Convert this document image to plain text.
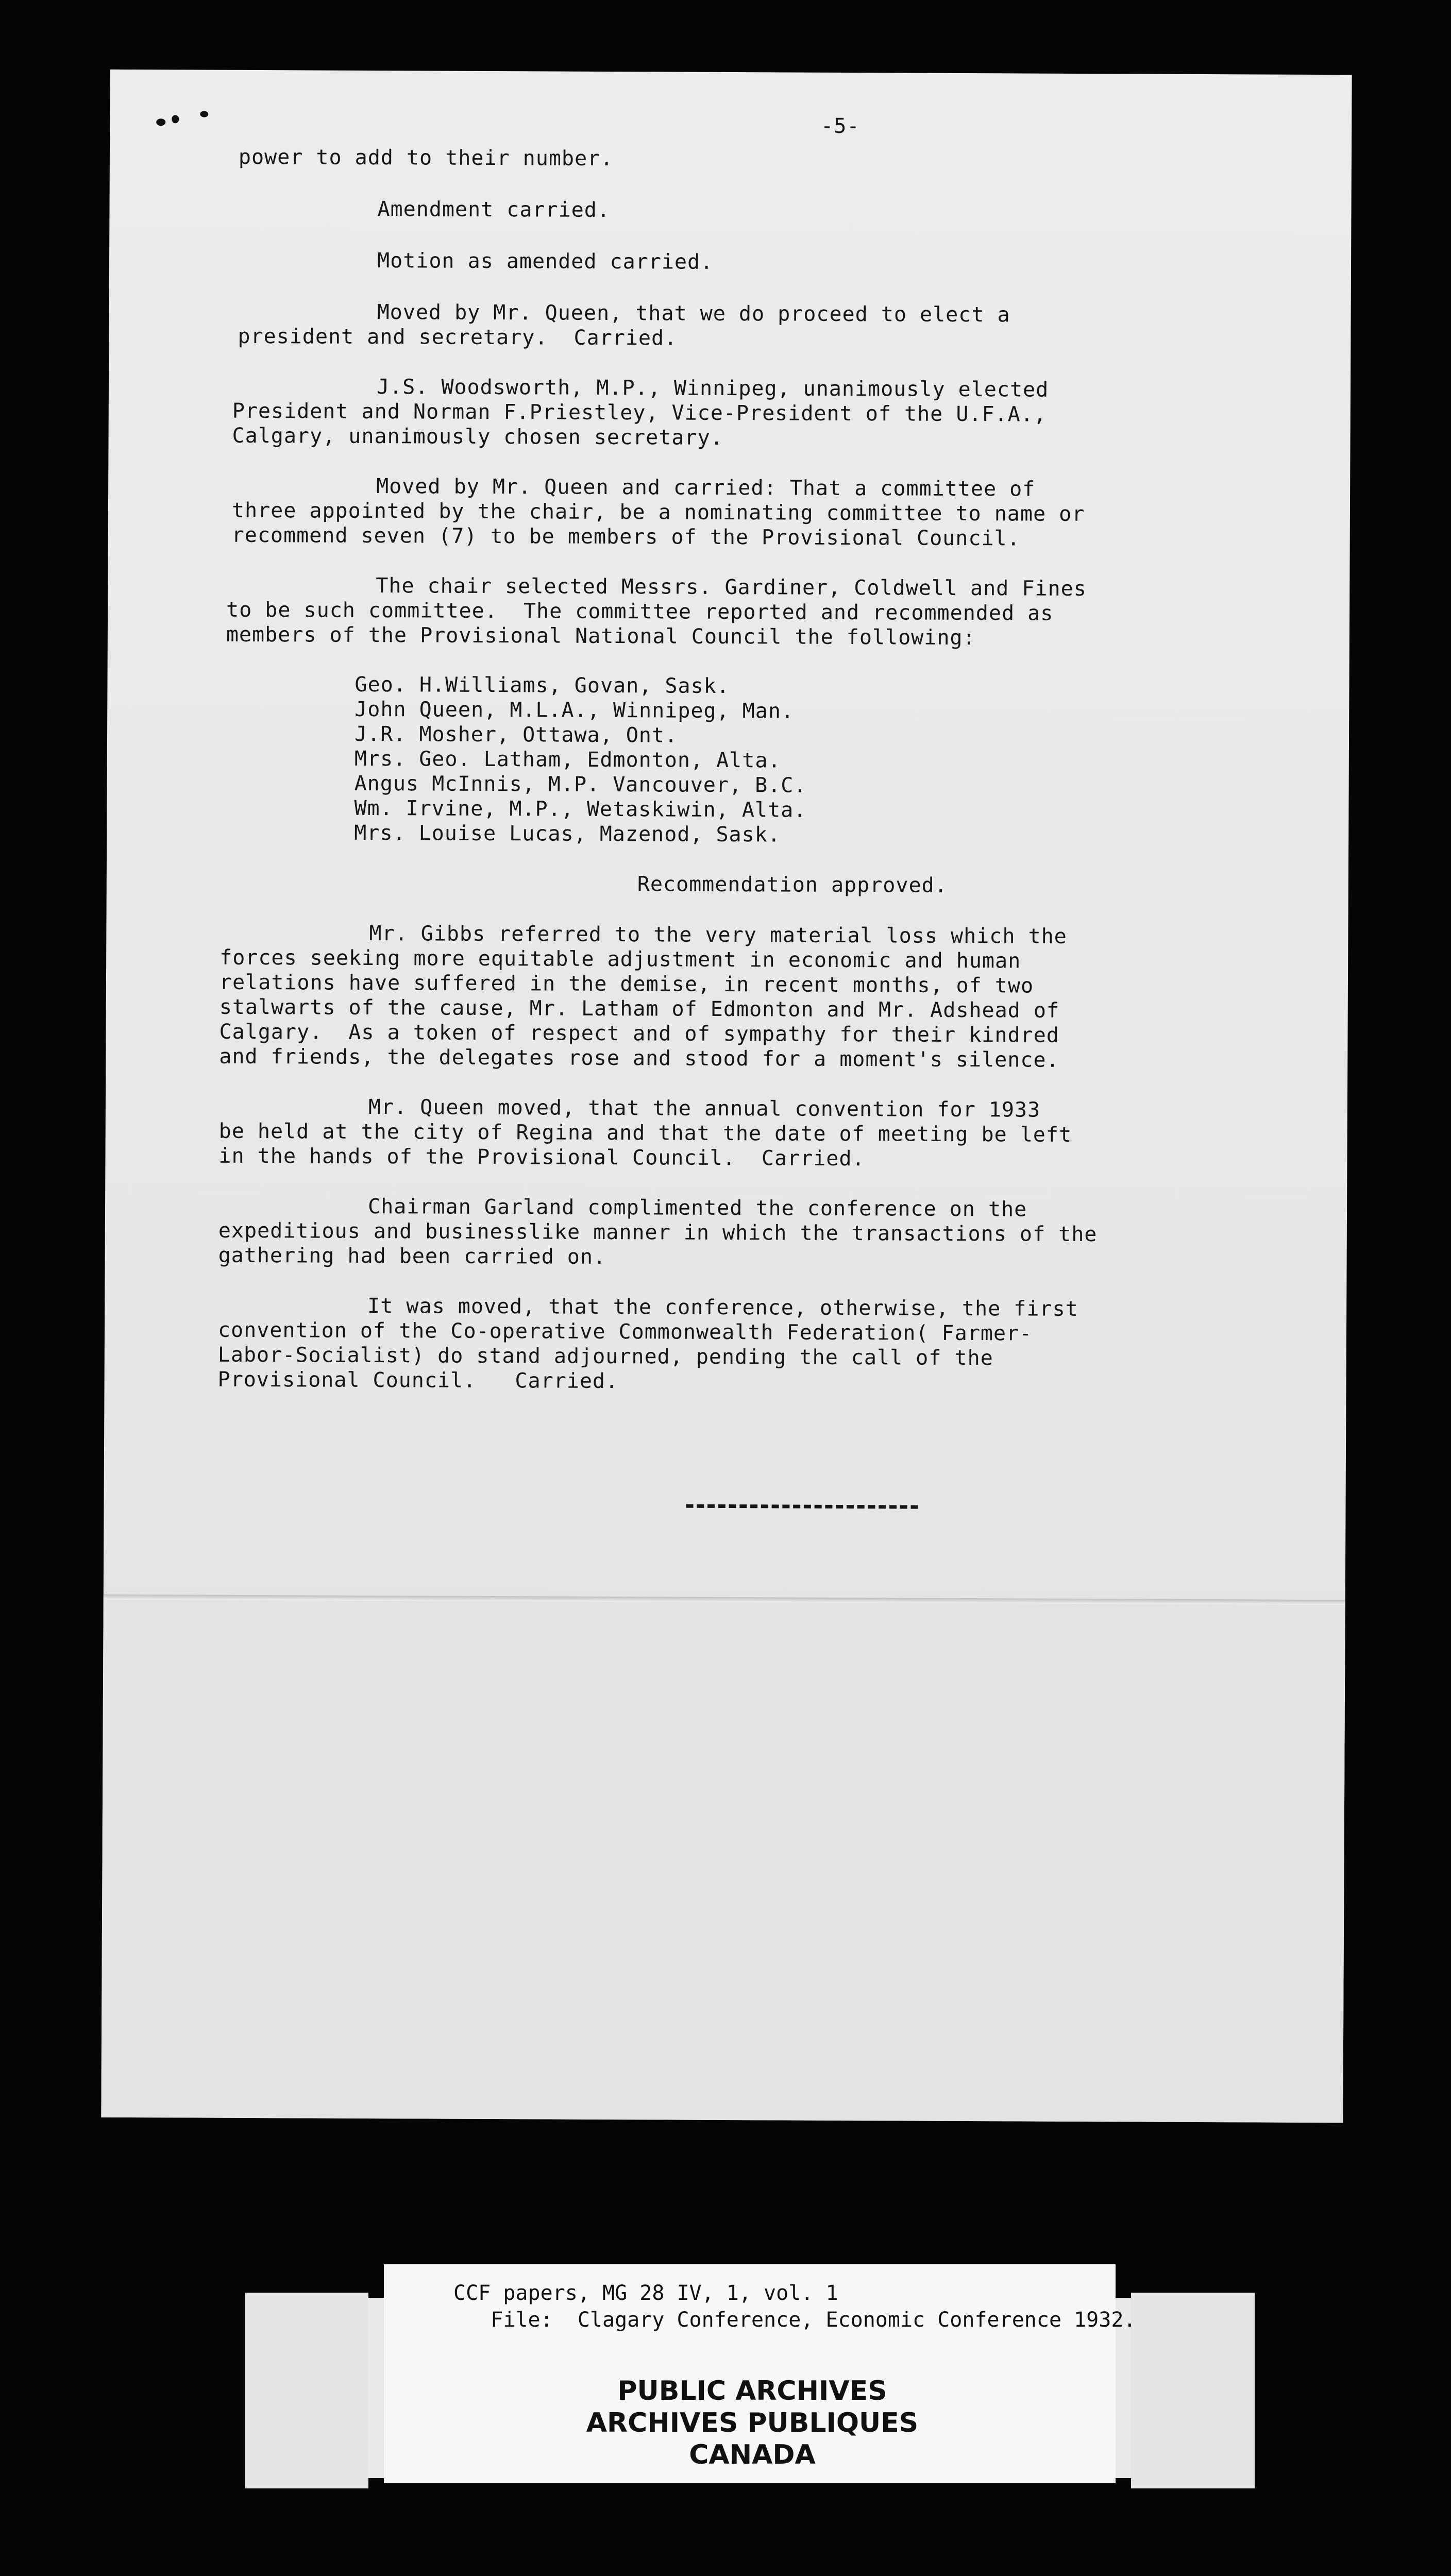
-5-
power to add to their number.
Amendment carried.
Motion as amended carried.
Moved by Mr. Queen, that we do proceed to elect a
president and secretary.  Carried.
J.S. Woodsworth, M.P., Winnipeg, unanimously elected
President and Norman F.Priestley, Vice-President of the U.F.A.,
Calgary, unanimously chosen secretary.
Moved by Mr. Queen and carried: That a committee of
three appointed by the chair, be a nominating committee to name or
recommend seven (7) to be members of the Provisional Council.
The chair selected Messrs. Gardiner, Coldwell and Fines
to be such committee.  The committee reported and recommended as
members of the Provisional National Council the following:
Geo. H.Williams, Govan, Sask.
John Queen, M.L.A., Winnipeg, Man.
J.R. Mosher, Ottawa, Ont.
Mrs. Geo. Latham, Edmonton, Alta.
Angus McInnis, M.P. Vancouver, B.C.
Wm. Irvine, M.P., Wetaskiwin, Alta.
Mrs. Louise Lucas, Mazenod, Sask.
Recommendation approved.
Mr. Gibbs referred to the very material loss which the
forces seeking more equitable adjustment in economic and human
relations have suffered in the demise, in recent months, of two
stalwarts of the cause, Mr. Latham of Edmonton and Mr. Adshead of
Calgary.  As a token of respect and of sympathy for their kindred
and friends, the delegates rose and stood for a moment's silence.
Mr. Queen moved, that the annual convention for 1933
be held at the city of Regina and that the date of meeting be left
in the hands of the Provisional Council.  Carried.
Chairman Garland complimented the conference on the
expeditious and businesslike manner in which the transactions of the
gathering had been carried on.
It was moved, that the conference, otherwise, the first
convention of the Co-operative Commonwealth Federation( Farmer-
Labor-Socialist) do stand adjourned, pending the call of the
Provisional Council.   Carried.
CCF papers, MG 28 IV, 1, vol. 1
File:  Clagary Conference, Economic Conference 1932.
PUBLIC ARCHIVES
ARCHIVES PUBLIQUES
CANADA
